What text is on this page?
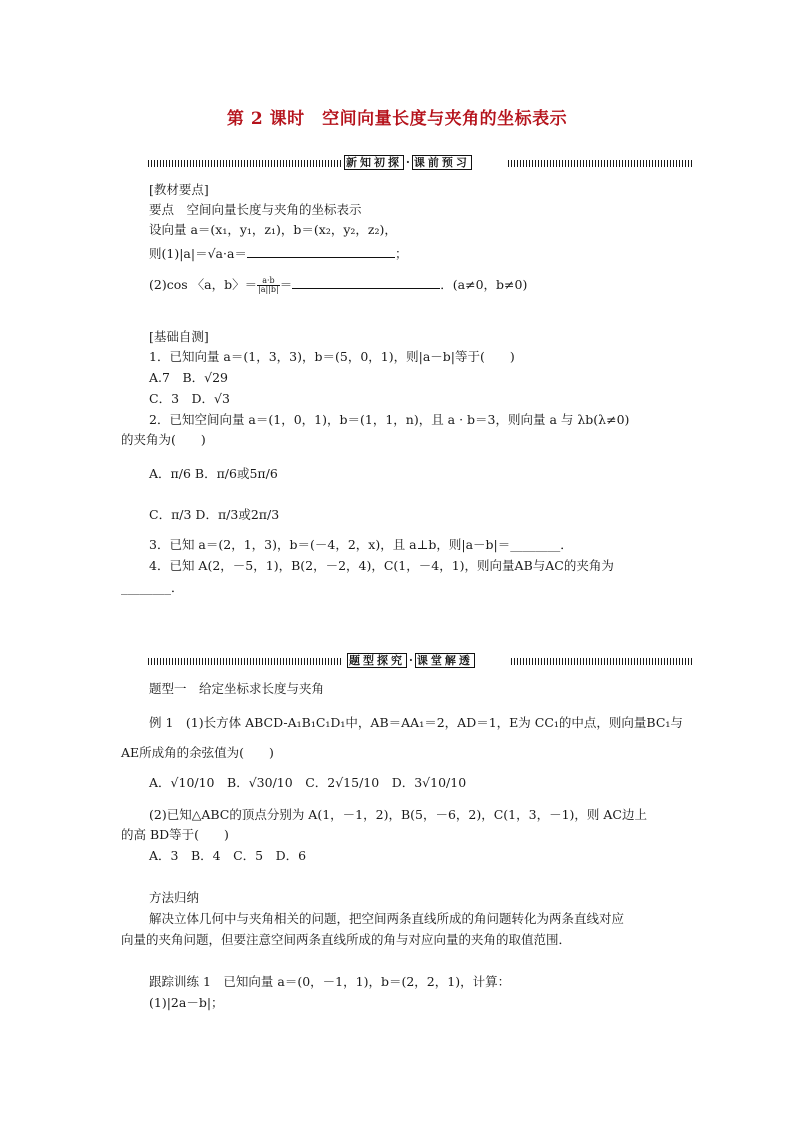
第 2 课时　空间向量长度与夹角的坐标表示
新知初探 · 课前预习
[教材要点]
要点　空间向量长度与夹角的坐标表示
设向量 a＝(x₁，y₁，z₁)，b＝(x₂，y₂，z₂)，
则(1)|a|＝√a·a＝	；
(2)cos 〈a，b〉＝ $\frac{a\cdot b}{|a||b|}$ ＝	．(a≠0，b≠0)
[基础自测]
1．已知向量 a＝(1，3，3)，b＝(5，0，1)，则|a－b|等于(　　)
A.7　B．√29
C．3　D．√3
2．已知空间向量 a＝(1，0，1)，b＝(1，1，n)，且 a · b＝3，则向量 a 与 λb(λ≠0)
的夹角为(　　)
A．π/6 B．π/6或5π/6
C．π/3 D．π/3或2π/3
3．已知 a＝(2，1，3)，b＝(－4，2，x)，且 a⊥b，则|a－b|＝________．
4．已知 A(2，－5，1)，B(2，－2，4)，C(1，－4，1)，则向量AB与AC的夹角为
________．
题型探究 · 课堂解透
题型一　给定坐标求长度与夹角
例 1　(1)长方体 ABCD-A₁B₁C₁D₁中，AB＝AA₁＝2，AD＝1，E为 CC₁的中点，则向量BC₁与
AE所成角的余弦值为(　　)
A．√10/10　B．√30/10　C．2√15/10　D．3√10/10
(2)已知△ABC的顶点分别为 A(1，－1，2)，B(5，－6，2)，C(1，3，－1)，则 AC边上
的高 BD等于(　　)
A．3　B．4　C．5　D．6
方法归纳
解决立体几何中与夹角相关的问题，把空间两条直线所成的角问题转化为两条直线对应
向量的夹角问题，但要注意空间两条直线所成的角与对应向量的夹角的取值范围．
跟踪训练 1　已知向量 a＝(0，－1，1)，b＝(2，2，1)，计算：
(1)|2a－b|；
